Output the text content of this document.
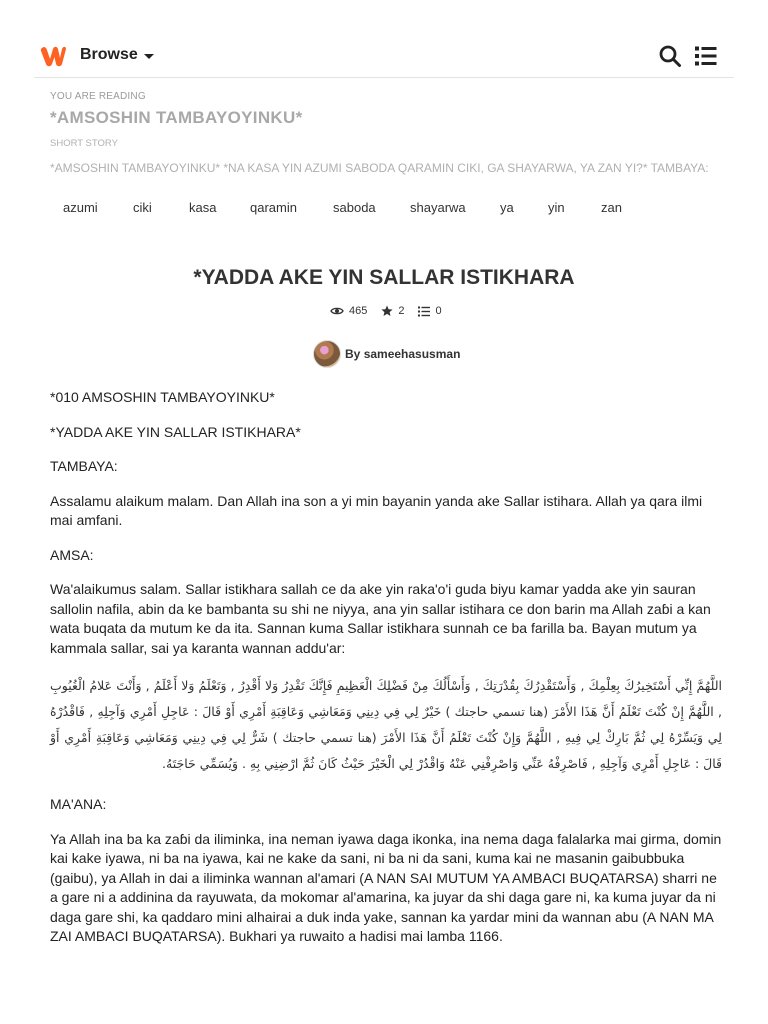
Browse
YOU ARE READING
*AMSOSHIN TAMBAYOYINKU*
SHORT STORY
*AMSOSHIN TAMBAYOYINKU* *NA KASA YIN AZUMI SABODA QARAMIN CIKI, GA SHAYARWA, YA ZAN YI?* TAMBAYA:
azumi	ciki	kasa	qaramin	saboda	shayarwa	ya	yin	zan
*YADDA AKE YIN SALLAR ISTIKHARA
465	2	0
By sameehasusman

*010 AMSOSHIN TAMBAYOYINKU*

*YADDA AKE YIN SALLAR ISTIKHARA*

TAMBAYA:

Assalamu alaikum malam. Dan Allah ina son a yi min bayanin yanda ake Sallar istihara. Allah ya qara ilmi mai amfani.

AMSA:

Wa'alaikumus salam. Sallar istikhara sallah ce da ake yin raka'o'i guda biyu kamar yadda ake yin sauran sallolin nafila, abin da ke bambanta su shi ne niyya, ana yin sallar istihara ce don barin ma Allah zaɓi a kan wata buqata da mutum ke da ita. Sannan kuma Sallar istikhara sunnah ce ba farilla ba. Bayan mutum ya kammala sallar, sai ya karanta wannan addu'ar:

اللَّهُمَّ إِنِّي أَسْتَخِيرُكَ بِعِلْمِكَ , وَأَسْتَقْدِرُكَ بِقُدْرَتِكَ , وَأَسْأَلُكَ مِنْ فَضْلِكَ الْعَظِيمِ فَإِنَّكَ تَقْدِرُ وَلا أَقْدِرُ , وَتَعْلَمُ وَلا أَعْلَمُ , وَأَنْتَ عَلامُ الْغُيُوبِ , اللَّهُمَّ إِنْ كُنْتَ تَعْلَمُ أَنَّ هَذَا الأَمْرَ (هنا تسمي حاجتك ) خَيْرٌ لِي فِي دِينِي وَمَعَاشِي وَعَاقِبَةِ أَمْرِي أَوْ قَالَ : عَاجِلِ أَمْرِي وَآجِلِهِ , فَاقْدُرْهُ لِي وَيَسِّرْهُ لِي ثُمَّ بَارِكْ لِي فِيهِ , اللَّهُمَّ وَإِنْ كُنْتَ تَعْلَمُ أَنَّ هَذَا الأَمْرَ (هنا تسمي حاجتك ) شَرٌّ لِي فِي دِينِي وَمَعَاشِي وَعَاقِبَةِ أَمْرِي أَوْ قَالَ : عَاجِلِ أَمْرِي وَآجِلِهِ , فَاصْرِفْهُ عَنِّي وَاصْرِفْنِي عَنْهُ وَاقْدُرْ لِي الْخَيْرَ حَيْثُ كَانَ ثُمَّ ارْضِنِي بِهِ . وَيُسَمِّي حَاجَتَهُ.

MA'ANA:

Ya Allah ina ba ka zaɓi da iliminka, ina neman iyawa daga ikonka, ina nema daga falalarka mai girma, domin kai kake iyawa, ni ba na iyawa, kai ne kake da sani, ni ba ni da sani, kuma kai ne masanin gaibubbuka (gaibu), ya Allah in dai a iliminka wannan al'amari (A NAN SAI MUTUM YA AMBACI BUQATARSA) sharri ne a gare ni a addinina da rayuwata, da mokomar al'amarina, ka juyar da shi daga gare ni, ka kuma juyar da ni daga gare shi, ka qaddaro mini alhairai a duk inda yake, sannan ka yardar mini da wannan abu (A NAN MA ZAI AMBACI BUQATARSA). Bukhari ya ruwaito a hadisi mai lamba 1166.
